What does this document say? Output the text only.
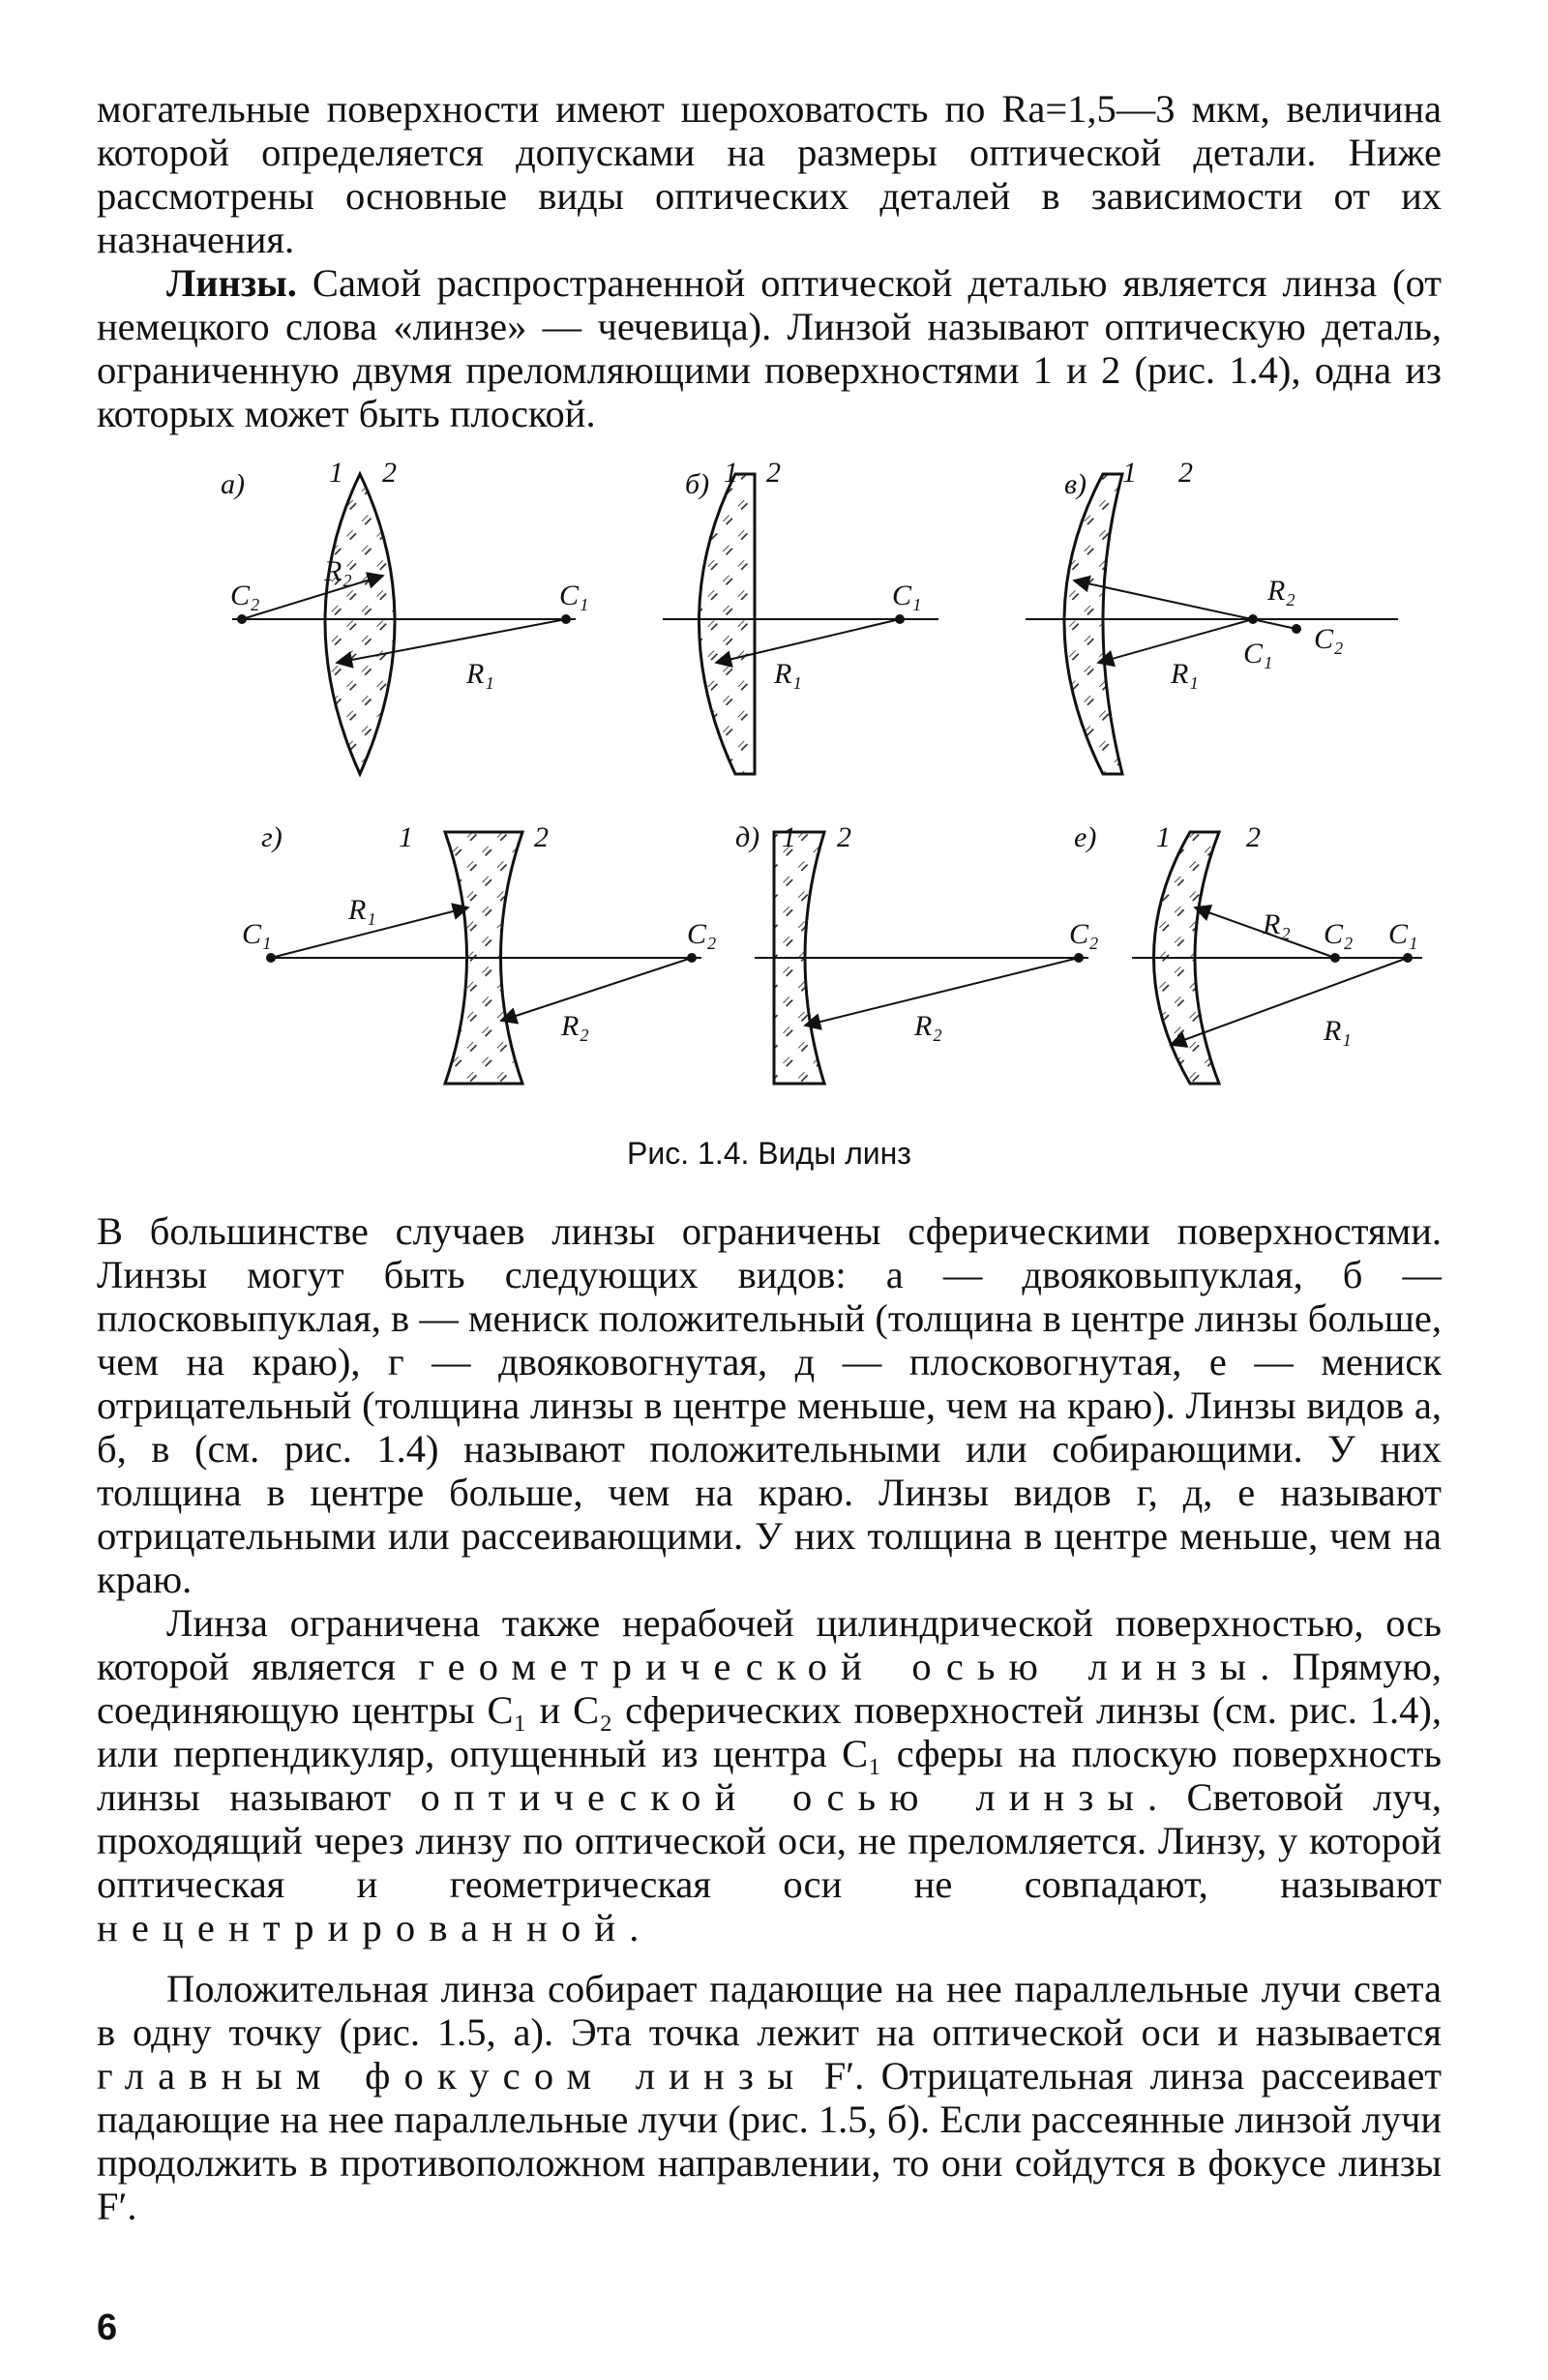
могательные поверхности имеют шероховатость по Ra=1,5—3 мкм, величина которой определяется допусками на размеры оптической детали. Ниже рассмотрены основные виды оптических деталей в зависимости от их назначения.

Линзы. Самой распространенной оптической деталью является линза (от немецкого слова «линзе» — чечевица). Линзой называют оптическую деталь, ограниченную двумя преломляющими поверхностями 1 и 2 (рис. 1.4), одна из которых может быть плоской.

а)	1 2
C₂	C₁
R₂
R₁
б) 1 2
C₁
R₁
в) 1 2
C₁ C₂
R₂
R₁
г)	1	2
C₁	C₂
R₁
R₂
д) 1 2
C₂
R₂
е) 1	2
C₁
C₂
R₂
R₁
Рис. 1.4. Виды линз

В большинстве случаев линзы ограничены сферическими поверхностями. Линзы могут быть следующих видов: а — двояковыпуклая, б — плосковыпуклая, в — мениск положительный (толщина в центре линзы больше, чем на краю), г — двояковогнутая, д — плосковогнутая, е — мениск отрицательный (толщина линзы в центре меньше, чем на краю). Линзы видов а, б, в (см. рис. 1.4) называют положительными или собирающими. У них толщина в центре больше, чем на краю. Линзы видов г, д, е называют отрицательными или рассеивающими. У них толщина в центре меньше, чем на краю.

Линза ограничена также нерабочей цилиндрической поверхностью, ось которой является геометрической осью линзы. Прямую, соединяющую центры C₁ и C₂ сферических поверхностей линзы (см. рис. 1.4), или перпендикуляр, опущенный из центра C₁ сферы на плоскую поверхность линзы называют оптической осью линзы. Световой луч, проходящий через линзу по оптической оси, не преломляется. Линзу, у которой оптическая и геометрическая оси не совпадают, называют нецентрированной.

Положительная линза собирает падающие на нее параллельные лучи света в одну точку (рис. 1.5, а). Эта точка лежит на оптической оси и называется главным фокусом линзы F′. Отрицательная линза рассеивает падающие на нее параллельные лучи (рис. 1.5, б). Если рассеянные линзой лучи продолжить в противоположном направлении, то они сойдутся в фокусе линзы F′.

6
